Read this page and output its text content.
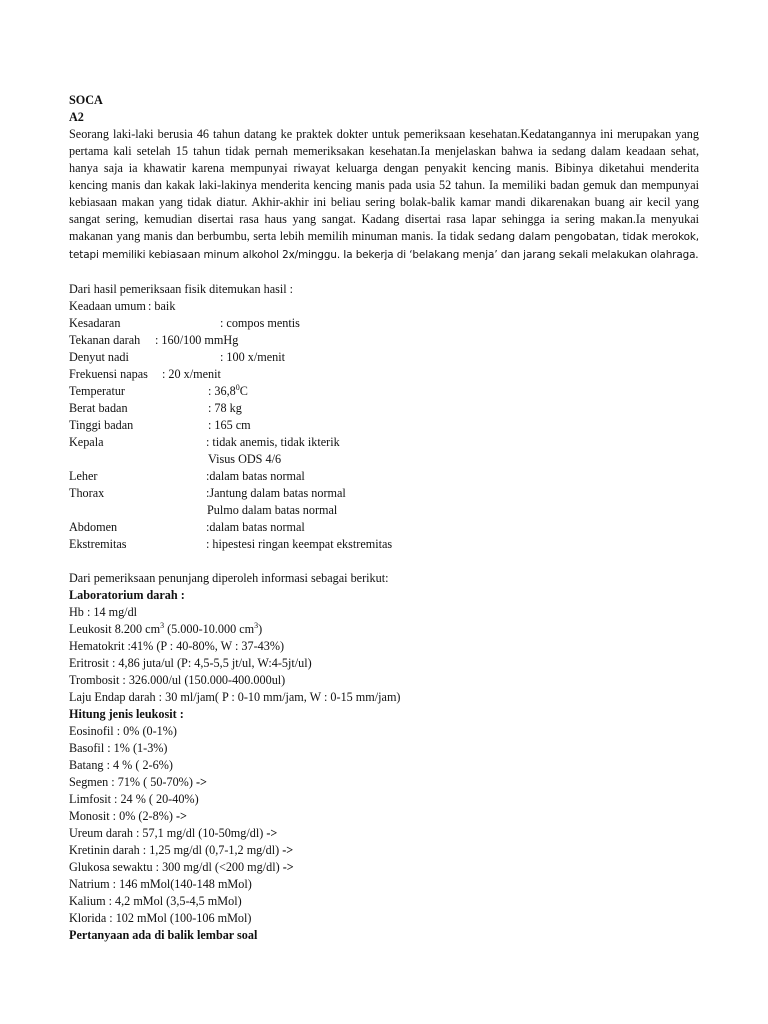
SOCA
A2

Seorang laki-laki berusia 46 tahun datang ke praktek dokter untuk pemeriksaan kesehatan.Kedatangannya ini merupakan yang pertama kali setelah 15 tahun tidak pernah memeriksakan kesehatan.Ia menjelaskan bahwa ia sedang dalam keadaan sehat, hanya saja ia khawatir karena mempunyai riwayat keluarga dengan penyakit kencing manis. Bibinya diketahui menderita kencing manis dan kakak laki-lakinya menderita kencing manis pada usia 52 tahun. Ia memiliki badan gemuk dan mempunyai kebiasaan makan yang tidak diatur. Akhir-akhir ini beliau sering bolak-balik kamar mandi dikarenakan buang air kecil yang sangat sering, kemudian disertai rasa haus yang sangat. Kadang disertai rasa lapar sehingga ia sering makan.Ia menyukai makanan yang manis dan berbumbu, serta lebih memilih minuman manis. Ia tidak sedang dalam pengobatan, tidak merokok, tetapi memiliki kebiasaan minum alkohol 2x/minggu. Ia bekerja di ‘belakang menja’ dan jarang sekali melakukan olahraga.

Dari hasil pemeriksaan fisik ditemukan hasil :
Keadaan umum : baik
Kesadaran	: compos mentis
Tekanan darah : 160/100 mmHg
Denyut nadi	: 100 x/menit
Frekuensi napas : 20 x/menit
Temperatur	: 36,8$^0$C
Berat badan	: 78 kg
Tinggi badan	: 165 cm
Kepala	: tidak anemis, tidak ikterik
Visus ODS 4/6
Leher	:dalam batas normal
Thorax	:Jantung dalam batas normal
Pulmo dalam batas normal
Abdomen	:dalam batas normal
Ekstremitas	: hipestesi ringan keempat ekstremitas
Dari pemeriksaan penunjang diperoleh informasi sebagai berikut:
Laboratorium darah :
Hb : 14 mg/dl
Leukosit 8.200 $cm^3$ (5.000-10.000 $cm^3$)
Hematokrit :41% (P : 40-80%, W : 37-43%)
Eritrosit : 4,86 juta/ul (P: 4,5-5,5 jt/ul, W:4-5jt/ul)
Trombosit : 326.000/ul (150.000-400.000ul)
Laju Endap darah : 30 ml/jam( P : 0-10 mm/jam, W : 0-15 mm/jam)
Hitung jenis leukosit :
Eosinofil : 0% (0-1%)
Basofil : 1% (1-3%)
Batang : 4 % ( 2-6%)
Segmen : 71% ( 50-70%) ->
Limfosit : 24 % ( 20-40%)
Monosit : 0% (2-8%) ->
Ureum darah : 57,1 mg/dl (10-50mg/dl) ->
Kretinin darah : 1,25 mg/dl (0,7-1,2 mg/dl) ->
Glukosa sewaktu : 300 mg/dl (<200 mg/dl) ->
Natrium : 146 mMol(140-148 mMol)
Kalium : 4,2 mMol (3,5-4,5 mMol)
Klorida : 102 mMol (100-106 mMol)
Pertanyaan ada di balik lembar soal
